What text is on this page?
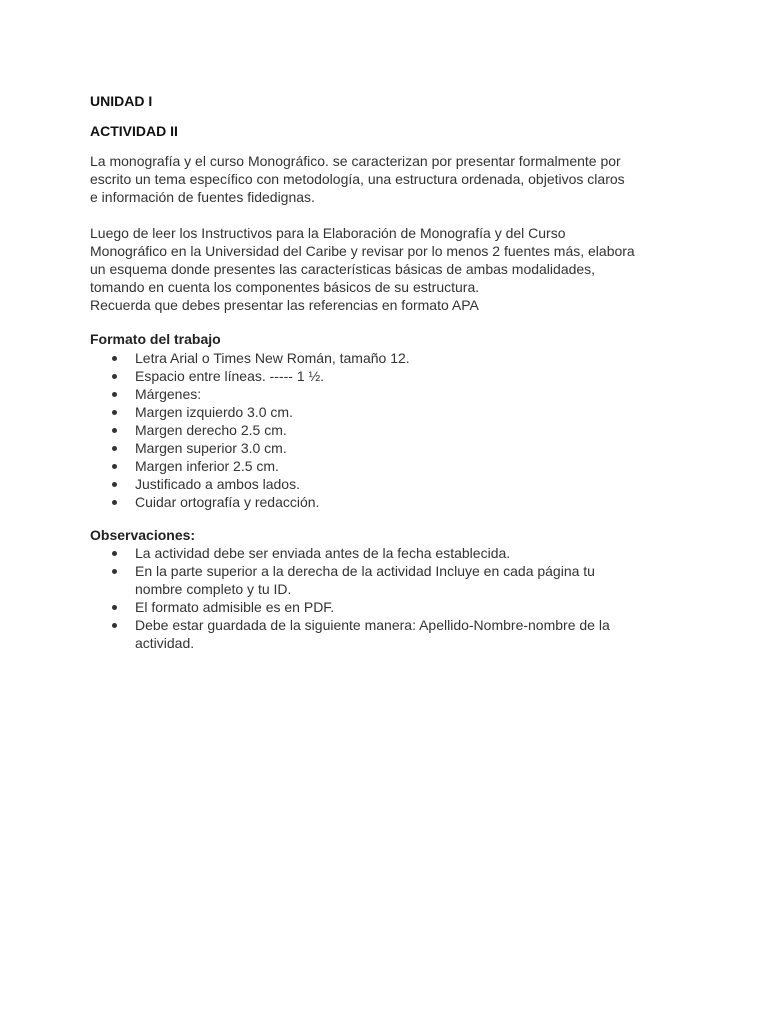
UNIDAD I
ACTIVIDAD II

La monografía y el curso Monográfico. se caracterizan por presentar formalmente por
escrito un tema específico con metodología, una estructura ordenada, objetivos claros
e información de fuentes fidedignas.

Luego de leer los Instructivos para la Elaboración de Monografía y del Curso
Monográfico en la Universidad del Caribe y revisar por lo menos 2 fuentes más, elabora
un esquema donde presentes las características básicas de ambas modalidades,
tomando en cuenta los componentes básicos de su estructura.
Recuerda que debes presentar las referencias en formato APA

Formato del trabajo
Letra Arial o Times New Román, tamaño 12.
Espacio entre líneas. ----- 1 ½.
Márgenes:
Margen izquierdo 3.0 cm.
Margen derecho 2.5 cm.
Margen superior 3.0 cm.
Margen inferior 2.5 cm.
Justificado a ambos lados.
Cuidar ortografía y redacción.
Observaciones:
La actividad debe ser enviada antes de la fecha establecida.
En la parte superior a la derecha de la actividad Incluye en cada página tu
nombre completo y tu ID.
El formato admisible es en PDF.
Debe estar guardada de la siguiente manera: Apellido-Nombre-nombre de la
actividad.
